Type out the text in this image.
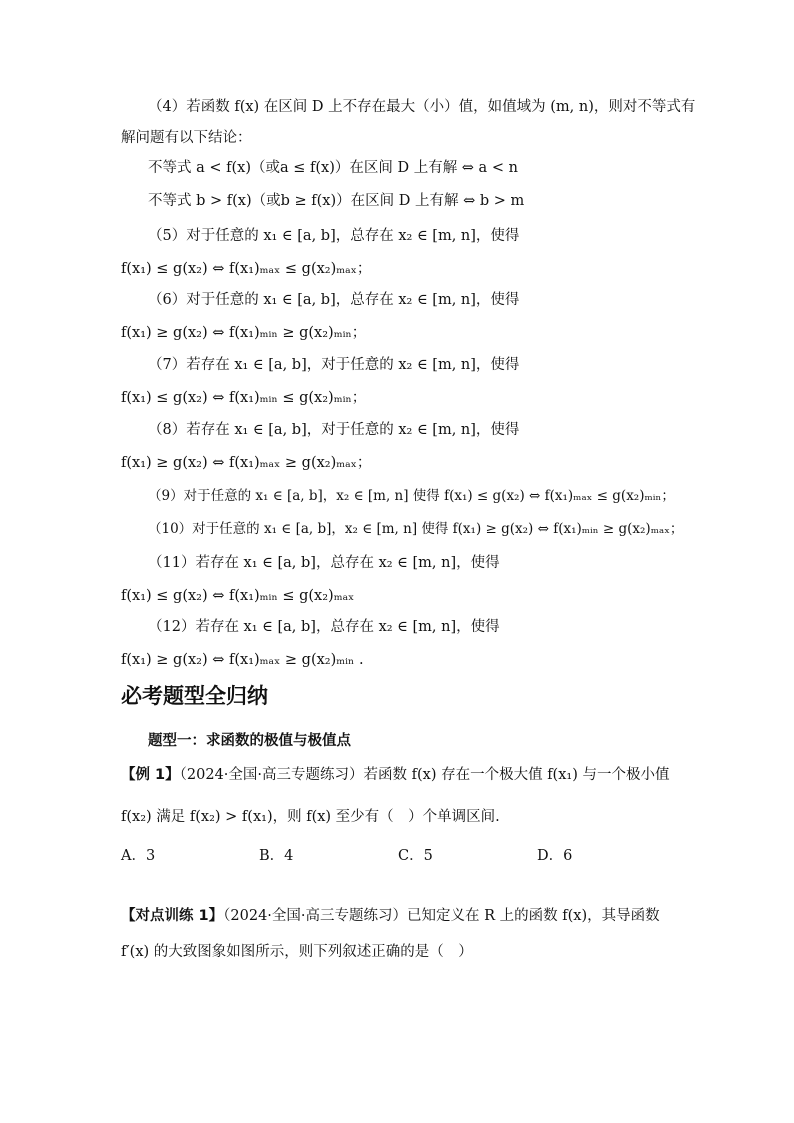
（4）若函数 f(x) 在区间 D 上不存在最大（小）值，如值域为 (m, n)，则对不等式有
解问题有以下结论：
不等式 a < f(x)（或a ≤ f(x)）在区间 D 上有解 ⇔ a < n
不等式 b > f(x)（或b ≥ f(x)）在区间 D 上有解 ⇔ b > m
（5）对于任意的 x₁ ∈ [a, b]，总存在 x₂ ∈ [m, n]，使得
f(x₁) ≤ g(x₂) ⇔ f(x₁)ₘₐₓ ≤ g(x₂)ₘₐₓ；
（6）对于任意的 x₁ ∈ [a, b]，总存在 x₂ ∈ [m, n]，使得
f(x₁) ≥ g(x₂) ⇔ f(x₁)ₘᵢₙ ≥ g(x₂)ₘᵢₙ；
（7）若存在 x₁ ∈ [a, b]，对于任意的 x₂ ∈ [m, n]，使得
f(x₁) ≤ g(x₂) ⇔ f(x₁)ₘᵢₙ ≤ g(x₂)ₘᵢₙ；
（8）若存在 x₁ ∈ [a, b]，对于任意的 x₂ ∈ [m, n]，使得
f(x₁) ≥ g(x₂) ⇔ f(x₁)ₘₐₓ ≥ g(x₂)ₘₐₓ；
（9）对于任意的 x₁ ∈ [a, b]，x₂ ∈ [m, n] 使得 f(x₁) ≤ g(x₂) ⇔ f(x₁)ₘₐₓ ≤ g(x₂)ₘᵢₙ；
（10）对于任意的 x₁ ∈ [a, b]，x₂ ∈ [m, n] 使得 f(x₁) ≥ g(x₂) ⇔ f(x₁)ₘᵢₙ ≥ g(x₂)ₘₐₓ；
（11）若存在 x₁ ∈ [a, b]，总存在 x₂ ∈ [m, n]，使得
f(x₁) ≤ g(x₂) ⇔ f(x₁)ₘᵢₙ ≤ g(x₂)ₘₐₓ
（12）若存在 x₁ ∈ [a, b]，总存在 x₂ ∈ [m, n]，使得
f(x₁) ≥ g(x₂) ⇔ f(x₁)ₘₐₓ ≥ g(x₂)ₘᵢₙ .
必考题型全归纳
题型一：求函数的极值与极值点
【例 1】（2024·全国·高三专题练习）若函数 f(x) 存在一个极大值 f(x₁) 与一个极小值
f(x₂) 满足 f(x₂) > f(x₁)，则 f(x) 至少有（　）个单调区间.
A．3	B．4	C．5	D．6
【对点训练 1】（2024·全国·高三专题练习）已知定义在 R 上的函数 f(x)，其导函数
f′(x) 的大致图象如图所示，则下列叙述正确的是（　）
